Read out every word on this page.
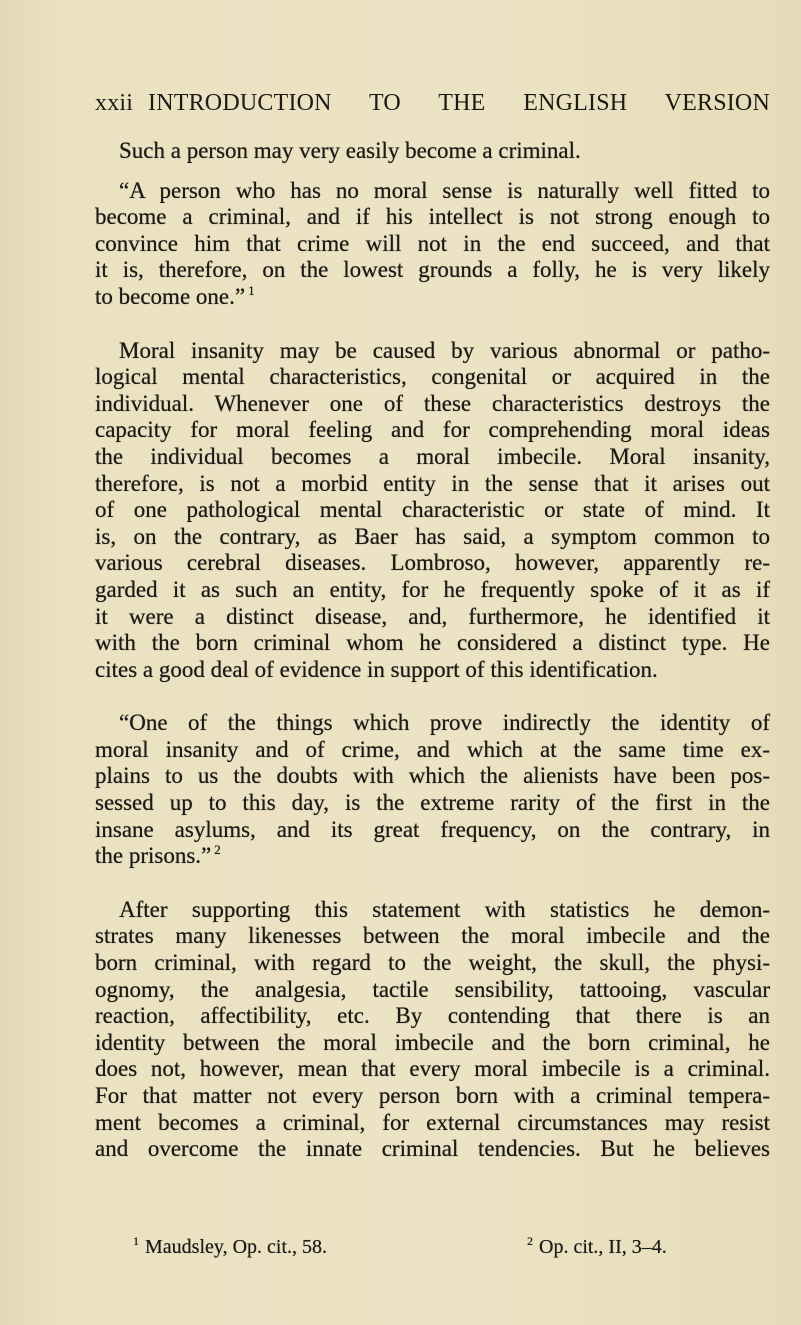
xxii INTRODUCTION TO THE ENGLISH VERSION
Such a person may very easily become a criminal.
“A person who has no moral sense is naturally well fitted to
become a criminal, and if his intellect is not strong enough to
convince him that crime will not in the end succeed, and that
it is, therefore, on the lowest grounds a folly, he is very likely
to become one.” $^1$
Moral insanity may be caused by various abnormal or patho-
logical mental characteristics, congenital or acquired in the
individual. Whenever one of these characteristics destroys the
capacity for moral feeling and for comprehending moral ideas
the individual becomes a moral imbecile. Moral insanity,
therefore, is not a morbid entity in the sense that it arises out
of one pathological mental characteristic or state of mind. It
is, on the contrary, as Baer has said, a symptom common to
various cerebral diseases. Lombroso, however, apparently re-
garded it as such an entity, for he frequently spoke of it as if
it were a distinct disease, and, furthermore, he identified it
with the born criminal whom he considered a distinct type. He
cites a good deal of evidence in support of this identification.
“One of the things which prove indirectly the identity of
moral insanity and of crime, and which at the same time ex-
plains to us the doubts with which the alienists have been pos-
sessed up to this day, is the extreme rarity of the first in the
insane asylums, and its great frequency, on the contrary, in
the prisons.” $^2$
After supporting this statement with statistics he demon-
strates many likenesses between the moral imbecile and the
born criminal, with regard to the weight, the skull, the physi-
ognomy, the analgesia, tactile sensibility, tattooing, vascular
reaction, affectibility, etc. By contending that there is an
identity between the moral imbecile and the born criminal, he
does not, however, mean that every moral imbecile is a criminal.
For that matter not every person born with a criminal tempera-
ment becomes a criminal, for external circumstances may resist
and overcome the innate criminal tendencies. But he believes
$^1$ Maudsley, Op. cit., 58.	$^2$ Op. cit., II, 3–4.
